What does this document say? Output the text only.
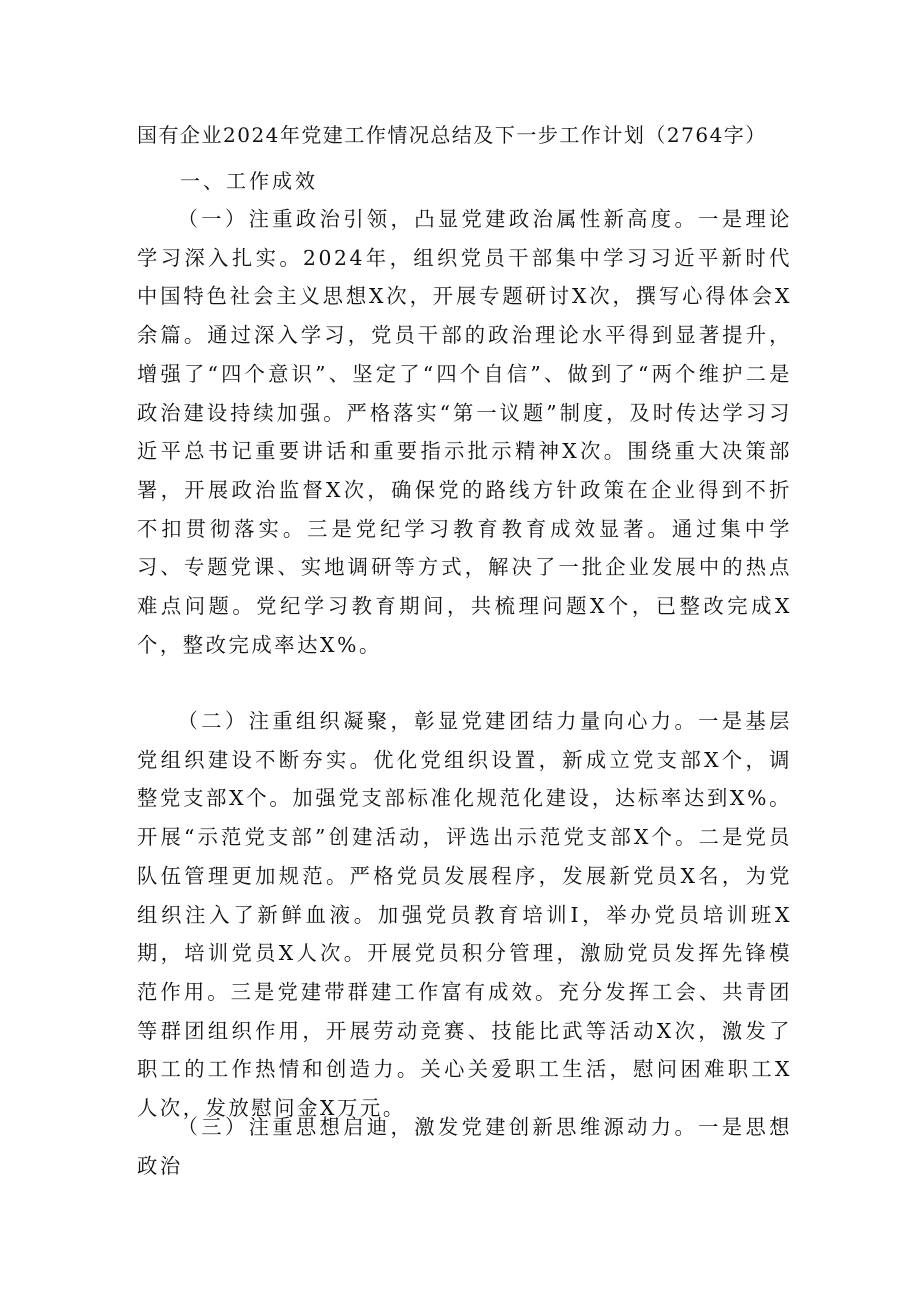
国有企业2024年党建工作情况总结及下一步工作计划（2764字）
一、工作成效

（一）注重政治引领，凸显党建政治属性新高度。一是理论学习深入扎实。2024年，组织党员干部集中学习习近平新时代中国特色社会主义思想X次，开展专题研讨X次，撰写心得体会X余篇。通过深入学习，党员干部的政治理论水平得到显著提升，增强了“四个意识”、坚定了“四个自信”、做到了“两个维护二是政治建设持续加强。严格落实“第一议题”制度，及时传达学习习近平总书记重要讲话和重要指示批示精神X次。围绕重大决策部署，开展政治监督X次，确保党的路线方针政策在企业得到不折不扣贯彻落实。三是党纪学习教育教育成效显著。通过集中学习、专题党课、实地调研等方式，解决了一批企业发展中的热点难点问题。党纪学习教育期间，共梳理问题X个，已整改完成X个，整改完成率达X%。

（二）注重组织凝聚，彰显党建团结力量向心力。一是基层党组织建设不断夯实。优化党组织设置，新成立党支部X个，调整党支部X个。加强党支部标准化规范化建设，达标率达到X%。开展“示范党支部”创建活动，评选出示范党支部X个。二是党员队伍管理更加规范。严格党员发展程序，发展新党员X名，为党组织注入了新鲜血液。加强党员教育培训I，举办党员培训班X期，培训党员X人次。开展党员积分管理，激励党员发挥先锋模范作用。三是党建带群建工作富有成效。充分发挥工会、共青团等群团组织作用，开展劳动竞赛、技能比武等活动X次，激发了职工的工作热情和创造力。关心关爱职工生活，慰问困难职工X人次，发放慰问金X万元。

（三）注重思想启迪，激发党建创新思维源动力。一是思想政治
